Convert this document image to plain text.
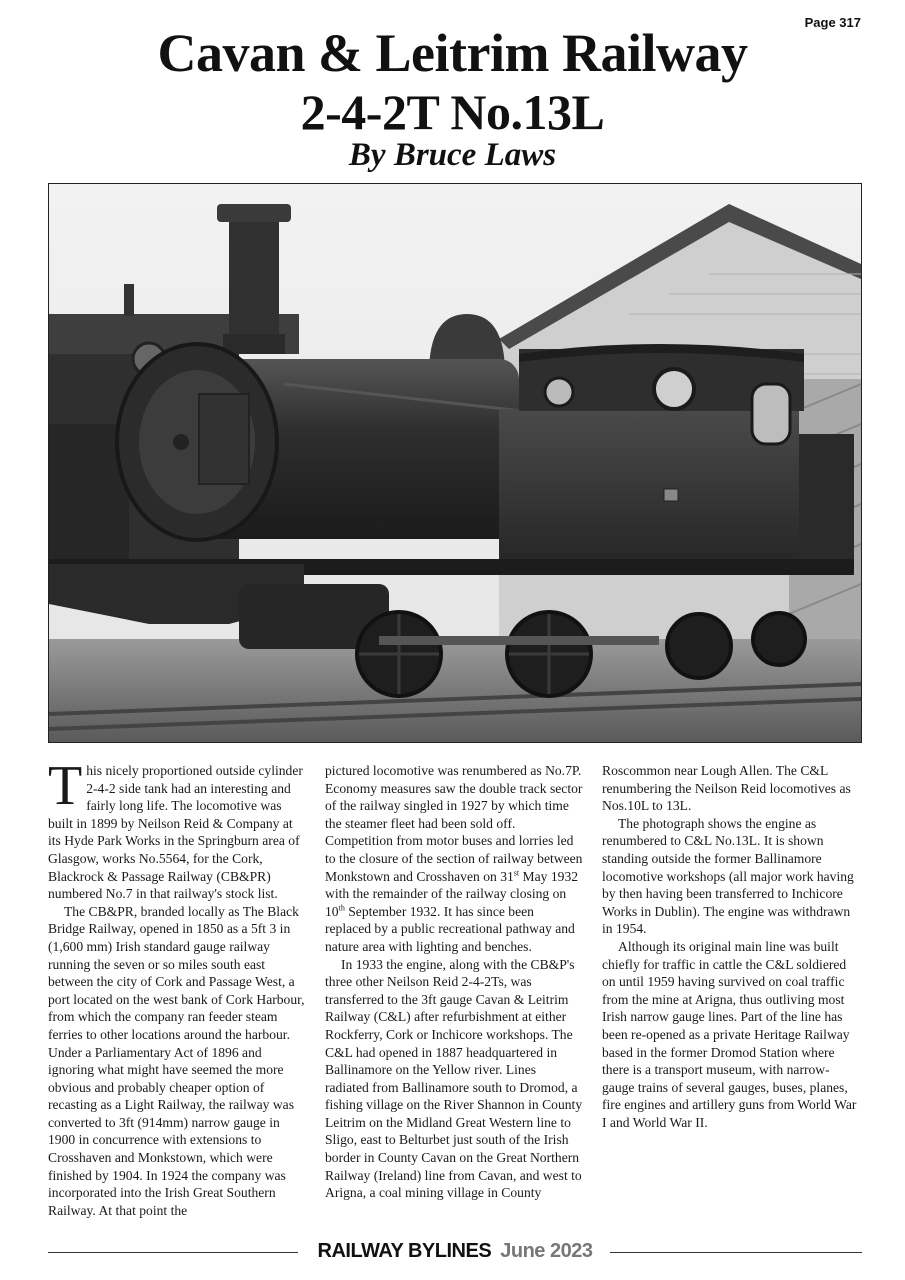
Page 317
Cavan & Leitrim Railway
2-4-2T No.13L
By Bruce Laws

This nicely proportioned outside cylinder 2-4-2 side tank had an interesting and fairly long life. The locomotive was built in 1899 by Neilson Reid & Company at its Hyde Park Works in the Springburn area of Glasgow, works No.5564, for the Cork, Blackrock & Passage Railway (CB&PR) numbered No.7 in that railway's stock list.

The CB&PR, branded locally as The Black Bridge Railway, opened in 1850 as a 5ft 3 in (1,600 mm) Irish standard gauge railway running the seven or so miles south east between the city of Cork and Passage West, a port located on the west bank of Cork Harbour, from which the company ran feeder steam ferries to other locations around the harbour. Under a Parliamentary Act of 1896 and ignoring what might have seemed the more obvious and probably cheaper option of recasting as a Light Railway, the railway was converted to 3ft (914mm) narrow gauge in 1900 in concurrence with extensions to Crosshaven and Monkstown, which were finished by 1904. In 1924 the company was incorporated into the Irish Great Southern Railway. At that point the

pictured locomotive was renumbered as No.7P. Economy measures saw the double track sector of the railway singled in 1927 by which time the steamer fleet had been sold off. Competition from motor buses and lorries led to the closure of the section of railway between Monkstown and Crosshaven on 31st May 1932 with the remainder of the railway closing on 10th September 1932. It has since been replaced by a public recreational pathway and nature area with lighting and benches.

In 1933 the engine, along with the CB&P's three other Neilson Reid 2-4-2Ts, was transferred to the 3ft gauge Cavan & Leitrim Railway (C&L) after refurbishment at either Rockferry, Cork or Inchicore workshops. The C&L had opened in 1887 headquartered in Ballinamore on the Yellow river. Lines radiated from Ballinamore south to Dromod, a fishing village on the River Shannon in County Leitrim on the Midland Great Western line to Sligo, east to Belturbet just south of the Irish border in County Cavan on the Great Northern Railway (Ireland) line from Cavan, and west to Arigna, a coal mining village in County

Roscommon near Lough Allen. The C&L renumbering the Neilson Reid locomotives as Nos.10L to 13L.

The photograph shows the engine as renumbered to C&L No.13L. It is shown standing outside the former Ballinamore locomotive workshops (all major work having by then having been transferred to Inchicore Works in Dublin). The engine was withdrawn in 1954.

Although its original main line was built chiefly for traffic in cattle the C&L soldiered on until 1959 having survived on coal traffic from the mine at Arigna, thus outliving most Irish narrow gauge lines. Part of the line has been re-opened as a private Heritage Railway based in the former Dromod Station where there is a transport museum, with narrow-gauge trains of several gauges, buses, planes, fire engines and artillery guns from World War I and World War II.

RAILWAY BYLINES June 2023
